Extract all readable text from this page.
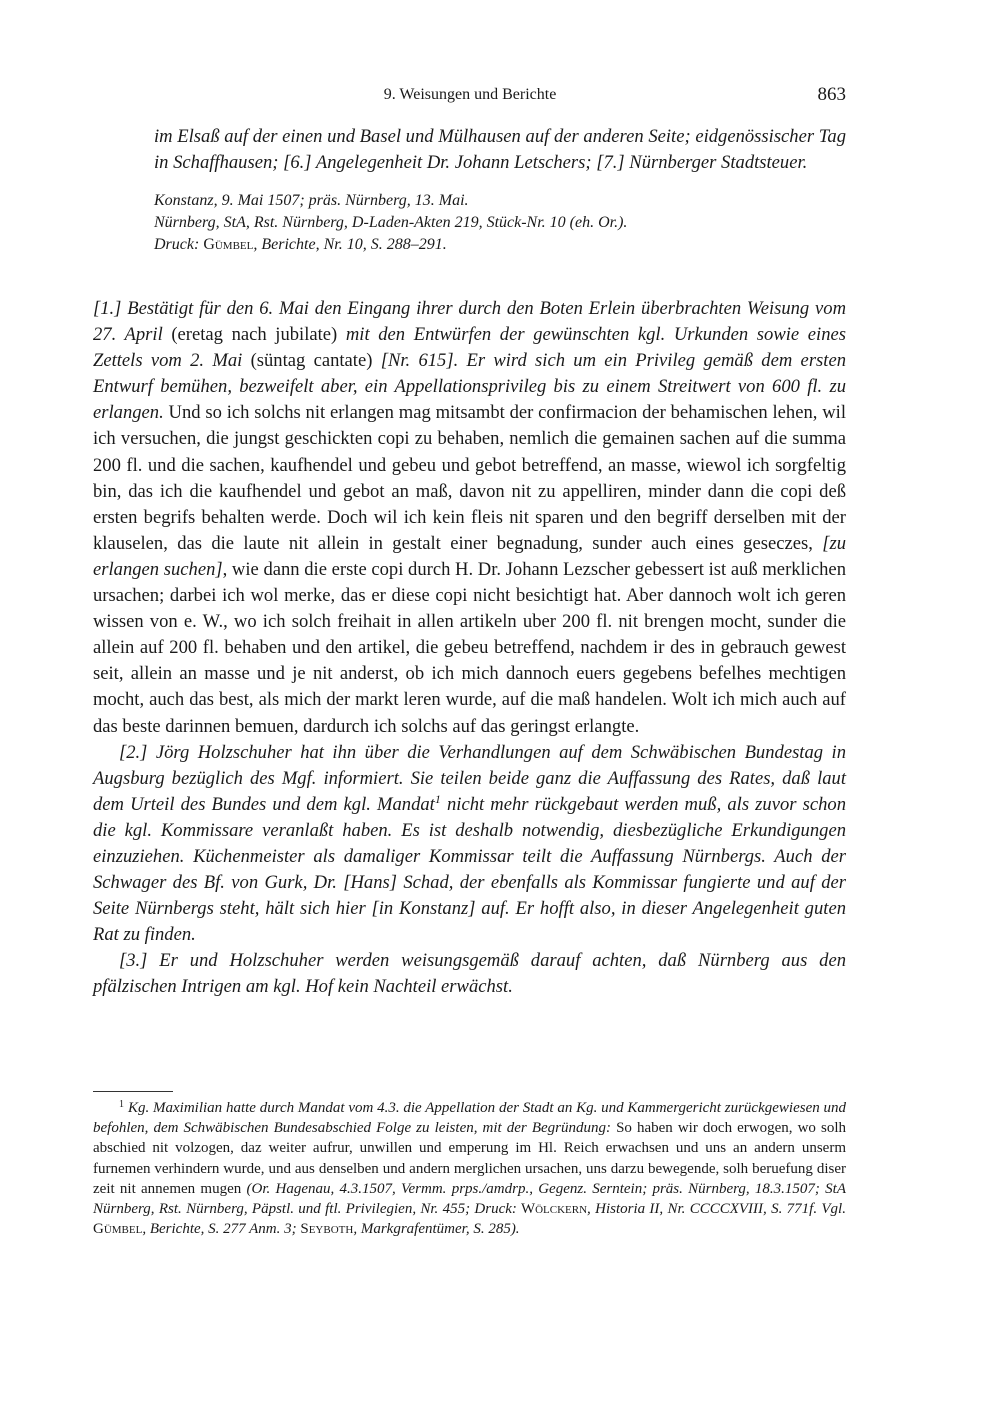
9. Weisungen und Berichte	863

im Elsaß auf der einen und Basel und Mülhausen auf der anderen Seite; eidgenössischer Tag in Schaffhausen; [6.] Angelegenheit Dr. Johann Letschers; [7.] Nürnberger Stadtsteuer.

Konstanz, 9. Mai 1507; präs. Nürnberg, 13. Mai.
Nürnberg, StA, Rst. Nürnberg, D-Laden-Akten 219, Stück-Nr. 10 (eh. Or.).
Druck: Gümbel, Berichte, Nr. 10, S. 288–291.

[1.] Bestätigt für den 6. Mai den Eingang ihrer durch den Boten Erlein überbrachten Weisung vom 27. April (eretag nach jubilate) mit den Entwürfen der gewünschten kgl. Urkunden sowie eines Zettels vom 2. Mai (süntag cantate) [Nr. 615]. Er wird sich um ein Privileg gemäß dem ersten Entwurf bemühen, bezweifelt aber, ein Appellationsprivileg bis zu einem Streitwert von 600 fl. zu erlangen. Und so ich solchs nit erlangen mag mitsambt der confirmacion der behamischen lehen, wil ich versuchen, die jungst geschickten copi zu behaben, nemlich die gemainen sachen auf die summa 200 fl. und die sachen, kaufhendel und gebeu und gebot betreffend, an masse, wiewol ich sorgfeltig bin, das ich die kaufhendel und gebot an maß, davon nit zu appelliren, minder dann die copi deß ersten begrifs behalten werde. Doch wil ich kein fleis nit sparen und den begriff derselben mit der klauselen, das die laute nit allein in gestalt einer begnadung, sunder auch eines geseczes, [zu erlangen suchen], wie dann die erste copi durch H. Dr. Johann Lezscher gebessert ist auß merklichen ursachen; darbei ich wol merke, das er diese copi nicht besichtigt hat. Aber dannoch wolt ich geren wissen von e. W., wo ich solch freihait in allen artikeln uber 200 fl. nit brengen mocht, sunder die allein auf 200 fl. behaben und den artikel, die gebeu betreffend, nachdem ir des in gebrauch gewest seit, allein an masse und je nit anderst, ob ich mich dannoch euers gegebens befelhes mechtigen mocht, auch das best, als mich der markt leren wurde, auf die maß handelen. Wolt ich mich auch auf das beste darinnen bemuen, dardurch ich solchs auf das geringst erlangte.

[2.] Jörg Holzschuher hat ihn über die Verhandlungen auf dem Schwäbischen Bundestag in Augsburg bezüglich des Mgf. informiert. Sie teilen beide ganz die Auffassung des Rates, daß laut dem Urteil des Bundes und dem kgl. Mandat$^1$ nicht mehr rückgebaut werden muß, als zuvor schon die kgl. Kommissare veranlaßt haben. Es ist deshalb notwendig, diesbezügliche Erkundigungen einzuziehen. Küchenmeister als damaliger Kommissar teilt die Auffassung Nürnbergs. Auch der Schwager des Bf. von Gurk, Dr. [Hans] Schad, der ebenfalls als Kommissar fungierte und auf der Seite Nürnbergs steht, hält sich hier [in Konstanz] auf. Er hofft also, in dieser Angelegenheit guten Rat zu finden.

[3.] Er und Holzschuher werden weisungsgemäß darauf achten, daß Nürnberg aus den pfälzischen Intrigen am kgl. Hof kein Nachteil erwächst.

$^1$ Kg. Maximilian hatte durch Mandat vom 4.3. die Appellation der Stadt an Kg. und Kammergericht zurückgewiesen und befohlen, dem Schwäbischen Bundesabschied Folge zu leisten, mit der Begründung: So haben wir doch erwogen, wo solh abschied nit volzogen, daz weiter aufrur, unwillen und emperung im Hl. Reich erwachsen und uns an andern unserm furnemen verhindern wurde, und aus denselben und andern merglichen ursachen, uns darzu bewegende, solh beruefung diser zeit nit annemen mugen (Or. Hagenau, 4.3.1507, Vermm. prps./amdrp., Gegenz. Serntein; präs. Nürnberg, 18.3.1507; StA Nürnberg, Rst. Nürnberg, Päpstl. und ftl. Privilegien, Nr. 455; Druck: Wölckern, Historia II, Nr. CCCCXVIII, S. 771f. Vgl. Gümbel, Berichte, S. 277 Anm. 3; Seyboth, Markgrafentümer, S. 285).
